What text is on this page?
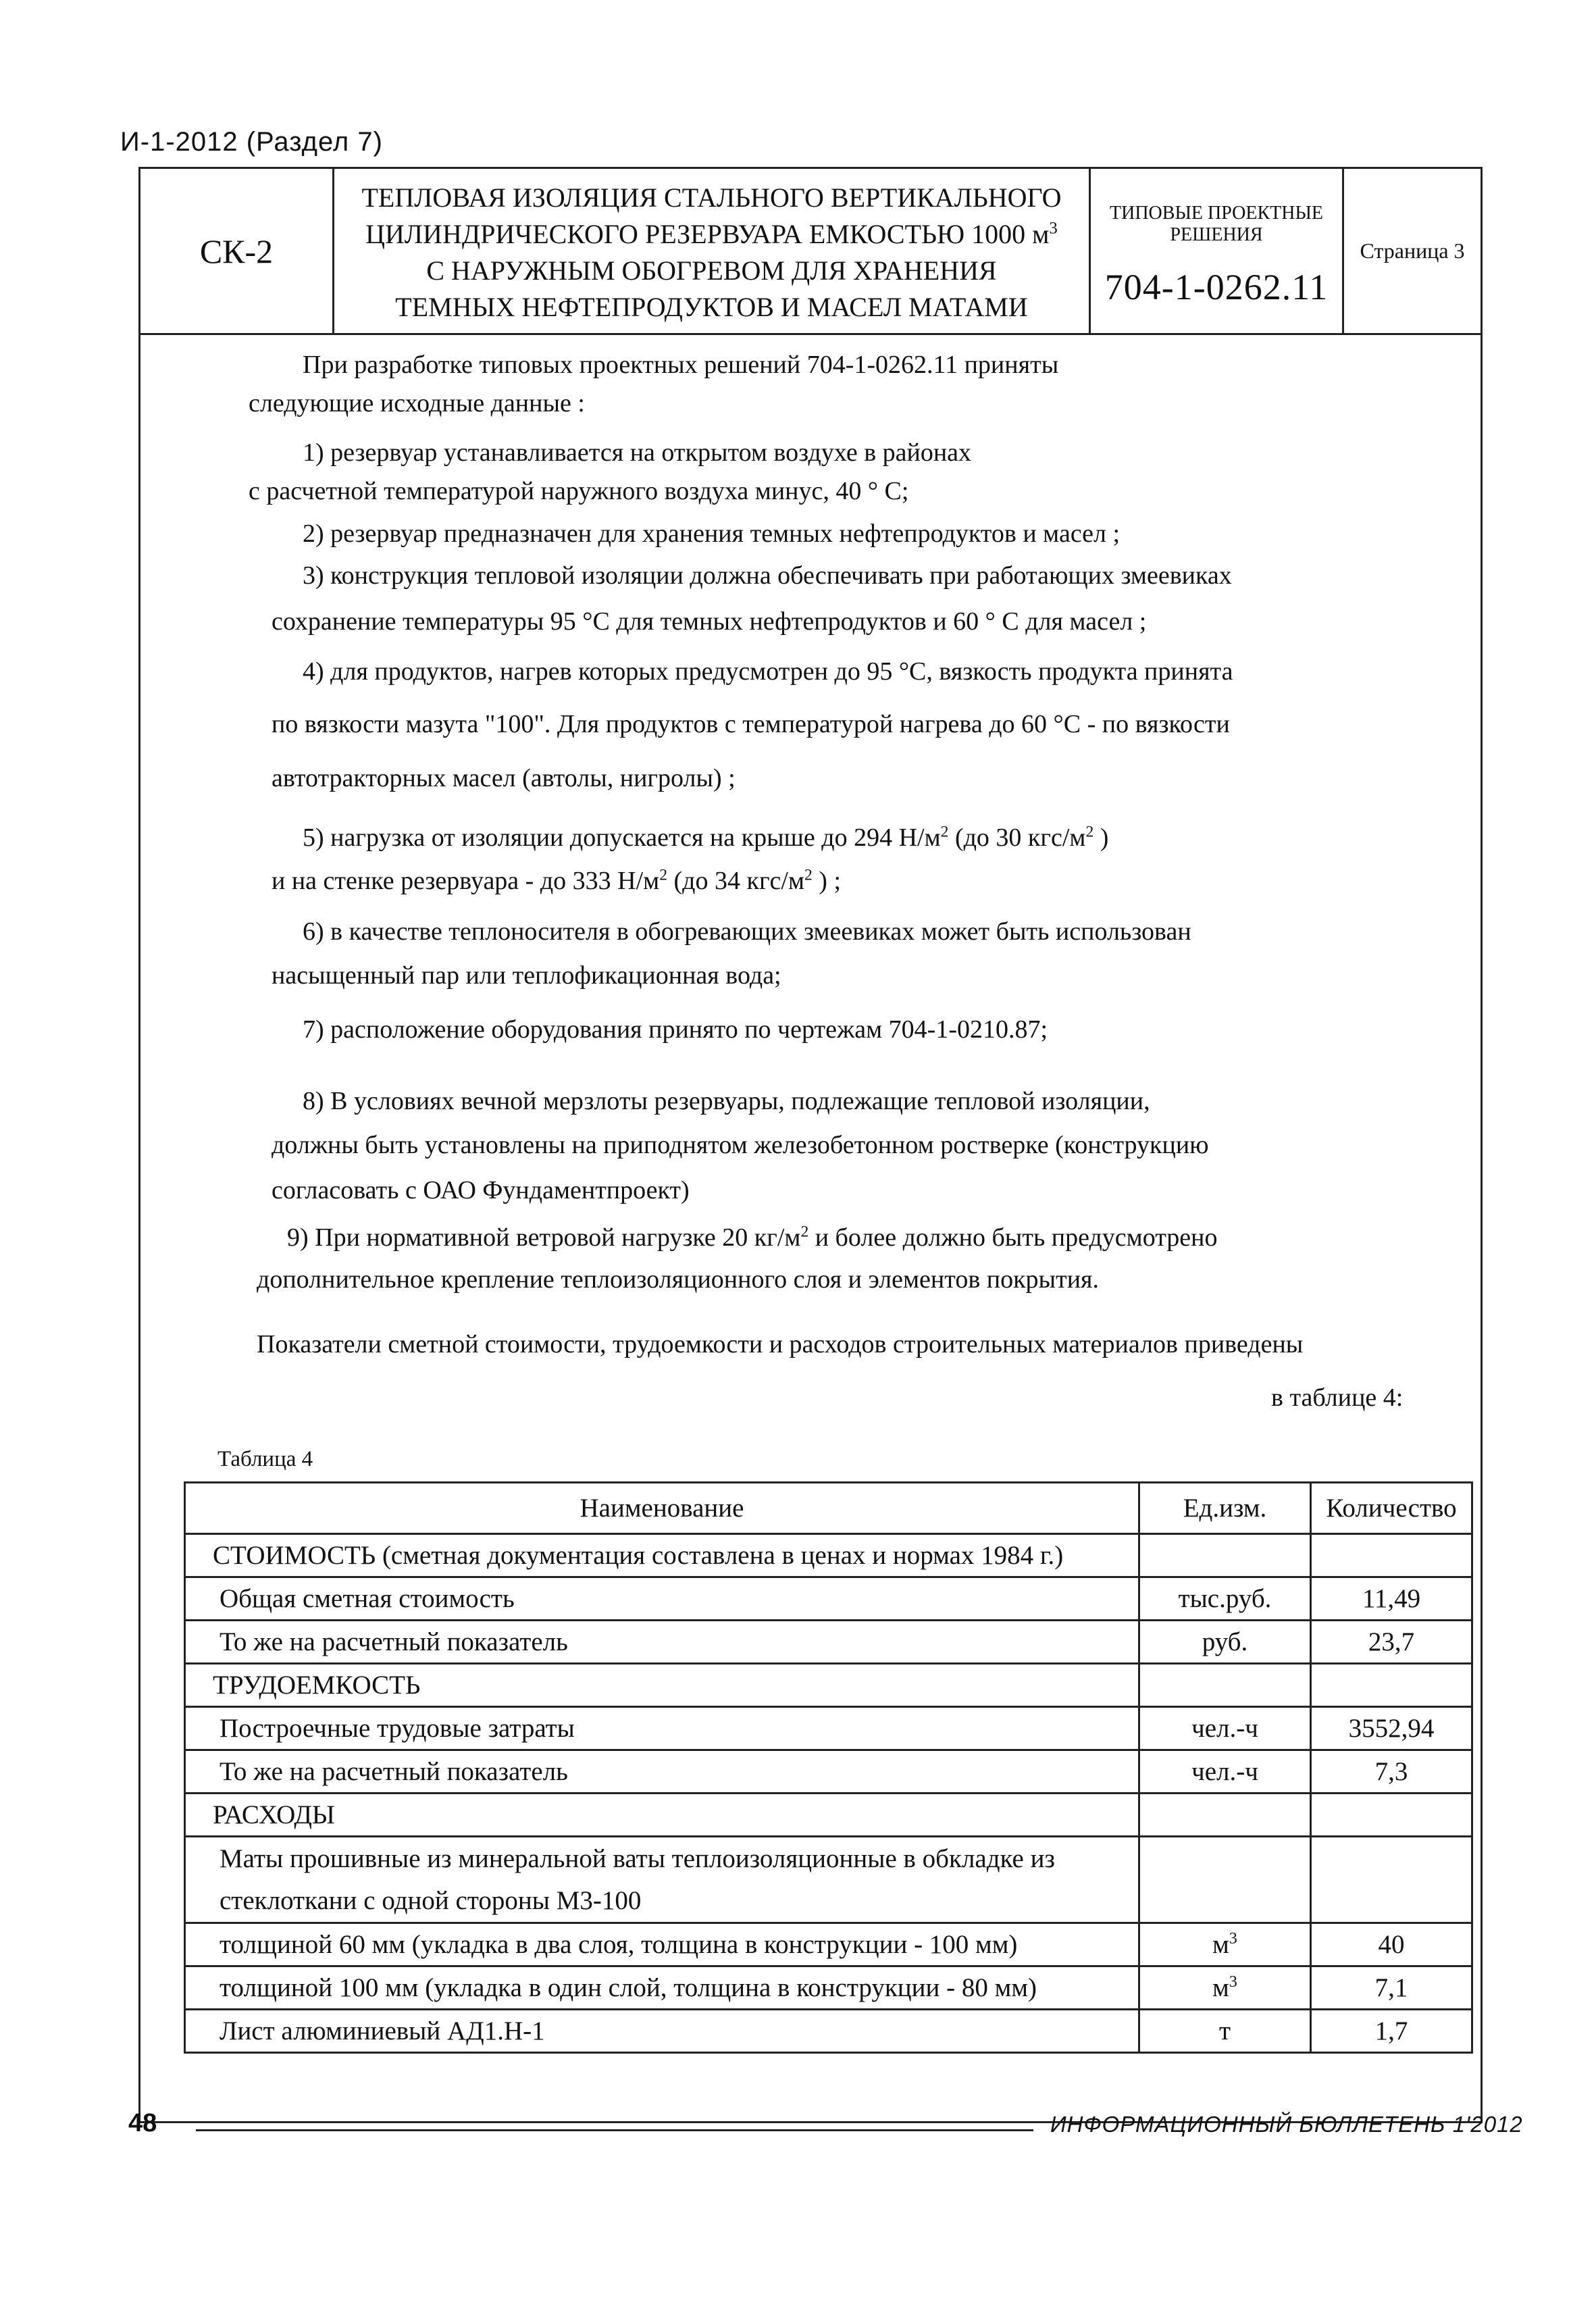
И-1-2012 (Раздел 7)
СК-2
ТЕПЛОВАЯ ИЗОЛЯЦИЯ СТАЛЬНОГО ВЕРТИКАЛЬНОГО
ЦИЛИНДРИЧЕСКОГО РЕЗЕРВУАРА ЕМКОСТЬЮ 1000 $м^3$
С НАРУЖНЫМ ОБОГРЕВОМ ДЛЯ ХРАНЕНИЯ
ТЕМНЫХ НЕФТЕПРОДУКТОВ И МАСЕЛ МАТАМИ
ТИПОВЫЕ ПРОЕКТНЫЕ
РЕШЕНИЯ
704-1-0262.11
Страница 3
При разработке типовых проектных решений 704-1-0262.11 приняты
следующие исходные данные :
1) резервуар устанавливается на открытом воздухе в районах
с расчетной температурой наружного воздуха минус, 40 ° С;
2) резервуар предназначен для хранения темных нефтепродуктов и масел ;
3) конструкция тепловой изоляции должна обеспечивать при работающих змеевиках
сохранение температуры 95 °С для темных нефтепродуктов и 60 ° С для масел ;
4) для продуктов, нагрев которых предусмотрен до 95 °С, вязкость продукта принята
по вязкости мазута "100". Для продуктов с температурой нагрева до 60 °С - по вязкости
автотракторных масел (автолы, нигролы) ;
5) нагрузка от изоляции допускается на крыше до 294 $Н/м^2$ (до 30 кгс/$м^2$ )
и на стенке резервуара - до 333 $Н/м^2$ (до 34 кгс/$м^2$ ) ;
6) в качестве теплоносителя в обогревающих змеевиках может быть использован
насыщенный пар или теплофикационная вода;
7) расположение оборудования принято по чертежам 704-1-0210.87;
8) В условиях вечной мерзлоты резервуары, подлежащие тепловой изоляции,
должны быть установлены на приподнятом железобетонном ростверке (конструкцию
согласовать с ОАО Фундаментпроект)
9) При нормативной ветровой нагрузке 20 $кг/м^2$ и более должно быть предусмотрено
дополнительное крепление теплоизоляционного слоя и элементов покрытия.
Показатели сметной стоимости, трудоемкости и расходов строительных материалов приведены
в таблице 4:
Таблица 4
Наименование	Ед.изм.	Количество
СТОИМОСТЬ (сметная документация составлена в ценах и нормах 1984 г.)		
Общая сметная стоимость	тыс.руб.	11,49
То же на расчетный показатель	руб.	23,7
ТРУДОЕМКОСТЬ		
Построечные трудовые затраты	чел.-ч	3552,94
То же на расчетный показатель	чел.-ч	7,3
РАСХОДЫ		
Маты прошивные из минеральной ваты теплоизоляционные в обкладке из		
стеклоткани с одной стороны М3-100		
толщиной 60 мм (укладка в два слоя, толщина в конструкции - 100 мм)	$м^3$	40
толщиной 100 мм (укладка в один слой, толщина в конструкции - 80 мм)	$м^3$	7,1
Лист алюминиевый АД1.Н-1	т	1,7
48	ИНФОРМАЦИОННЫЙ БЮЛЛЕТЕНЬ 1'2012
